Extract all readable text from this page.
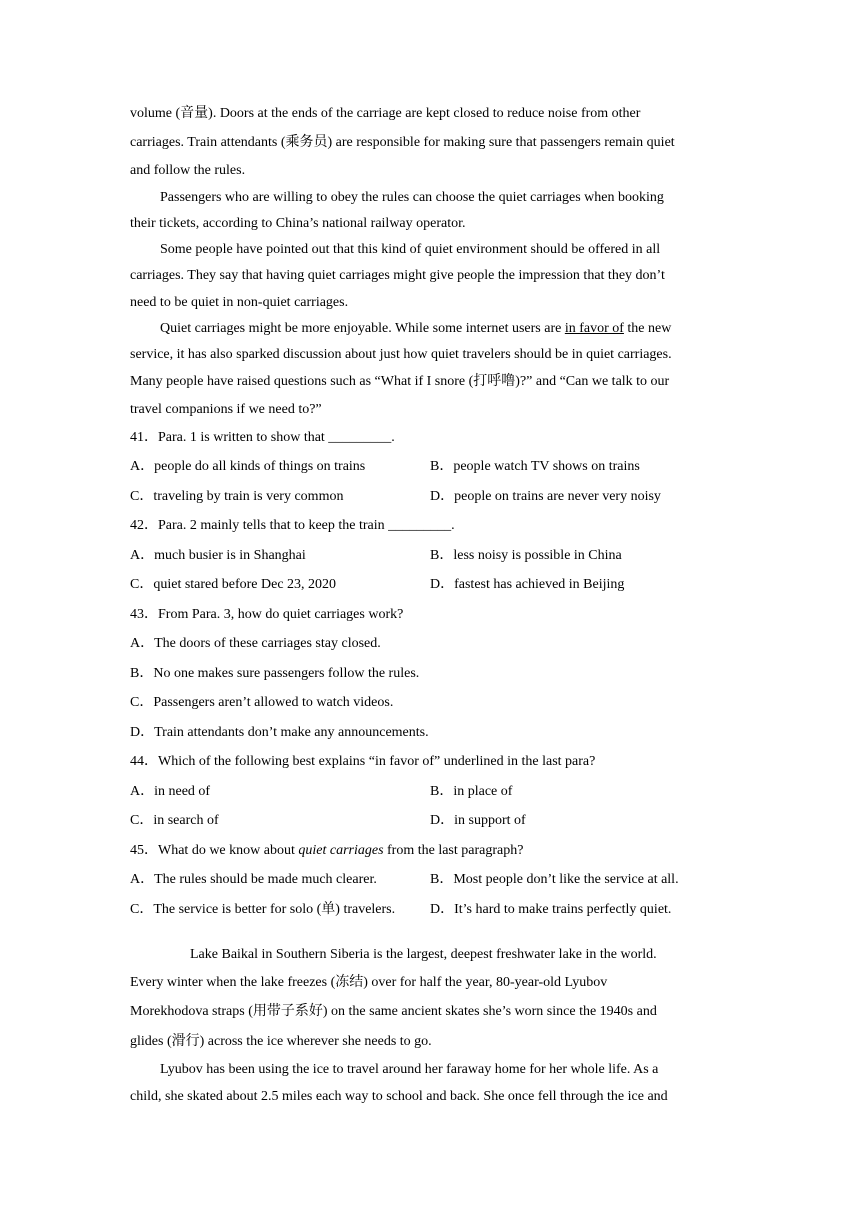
volume (音量). Doors at the ends of the carriage are kept closed to reduce noise from other
carriages. Train attendants (乘务员) are responsible for making sure that passengers remain quiet
and follow the rules.
Passengers who are willing to obey the rules can choose the quiet carriages when booking
their tickets, according to China’s national railway operator.
Some people have pointed out that this kind of quiet environment should be offered in all
carriages. They say that having quiet carriages might give people the impression that they don’t
need to be quiet in non-quiet carriages.
Quiet carriages might be more enjoyable. While some internet users are in favor of the new
service, it has also sparked discussion about just how quiet travelers should be in quiet carriages.
Many people have raised questions such as “What if I snore (打呼噜)?” and “Can we talk to our
travel companions if we need to?”
41．Para. 1 is written to show that _________.
A．people do all kinds of things on trains	B．people watch TV shows on trains
C．traveling by train is very common	D．people on trains are never very noisy
42．Para. 2 mainly tells that to keep the train _________.
A．much busier is in Shanghai	B．less noisy is possible in China
C．quiet stared before Dec 23, 2020	D．fastest has achieved in Beijing
43．From Para. 3, how do quiet carriages work?
A．The doors of these carriages stay closed.
B．No one makes sure passengers follow the rules.
C．Passengers aren’t allowed to watch videos.
D．Train attendants don’t make any announcements.
44．Which of the following best explains “in favor of” underlined in the last para?
A．in need of	B．in place of
C．in search of	D．in support of
45．What do we know about quiet carriages from the last paragraph?
A．The rules should be made much clearer.	B．Most people don’t like the service at all.
C．The service is better for solo (单) travelers. D．It’s hard to make trains perfectly quiet.
Lake Baikal in Southern Siberia is the largest, deepest freshwater lake in the world.
Every winter when the lake freezes (冻结) over for half the year, 80-year-old Lyubov
Morekhodova straps (用带子系好) on the same ancient skates she’s worn since the 1940s and
glides (滑行) across the ice wherever she needs to go.
Lyubov has been using the ice to travel around her faraway home for her whole life. As a
child, she skated about 2.5 miles each way to school and back. She once fell through the ice and
